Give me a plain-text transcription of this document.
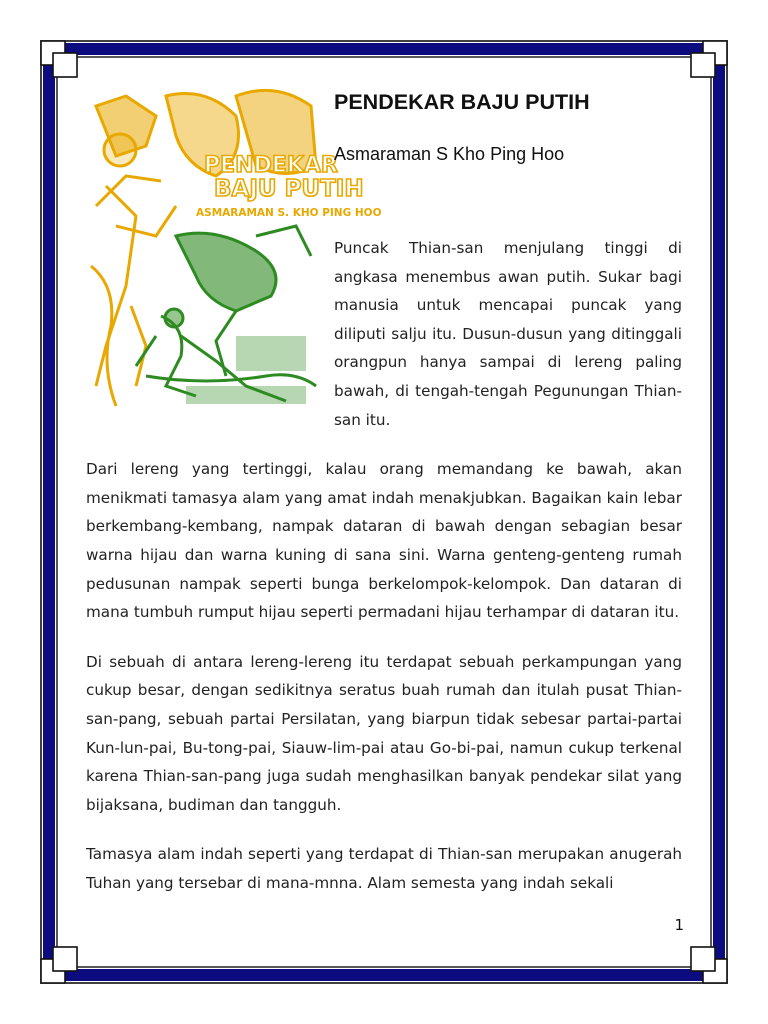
PENDEKAR
BAJU PUTIH
ASMARAMAN S. KHO PING HOO
PENDEKAR BAJU PUTIH
Asmaraman S Kho Ping Hoo

Puncak Thian-san menjulang tinggi di angkasa menembus awan putih. Sukar bagi manusia untuk mencapai puncak yang diliputi salju itu. Dusun-dusun yang ditinggali orangpun hanya sampai di lereng paling bawah, di tengah-tengah Pegunungan Thian-san itu.

Dari lereng yang tertinggi, kalau orang memandang ke bawah, akan menikmati tamasya alam yang amat indah menakjubkan. Bagaikan kain lebar berkembang-kembang, nampak dataran di bawah dengan sebagian besar warna hijau dan warna kuning di sana sini. Warna genteng-genteng rumah pedusunan nampak seperti bunga berkelompok-kelompok. Dan dataran di mana tumbuh rumput hijau seperti permadani hijau terhampar di dataran itu.

Di sebuah di antara lereng-lereng itu terdapat sebuah perkampungan yang cukup besar, dengan sedikitnya seratus buah rumah dan itulah pusat Thian-san-pang, sebuah partai Persilatan, yang biarpun tidak sebesar partai-partai Kun-lun-pai, Bu-tong-pai, Siauw-lim-pai atau Go-bi-pai, namun cukup terkenal karena Thian-san-pang juga sudah menghasilkan banyak pendekar silat yang bijaksana, budiman dan tangguh.

Tamasya alam indah seperti yang terdapat di Thian-san merupakan anugerah Tuhan yang tersebar di mana-mnna. Alam semesta yang indah sekali

1
